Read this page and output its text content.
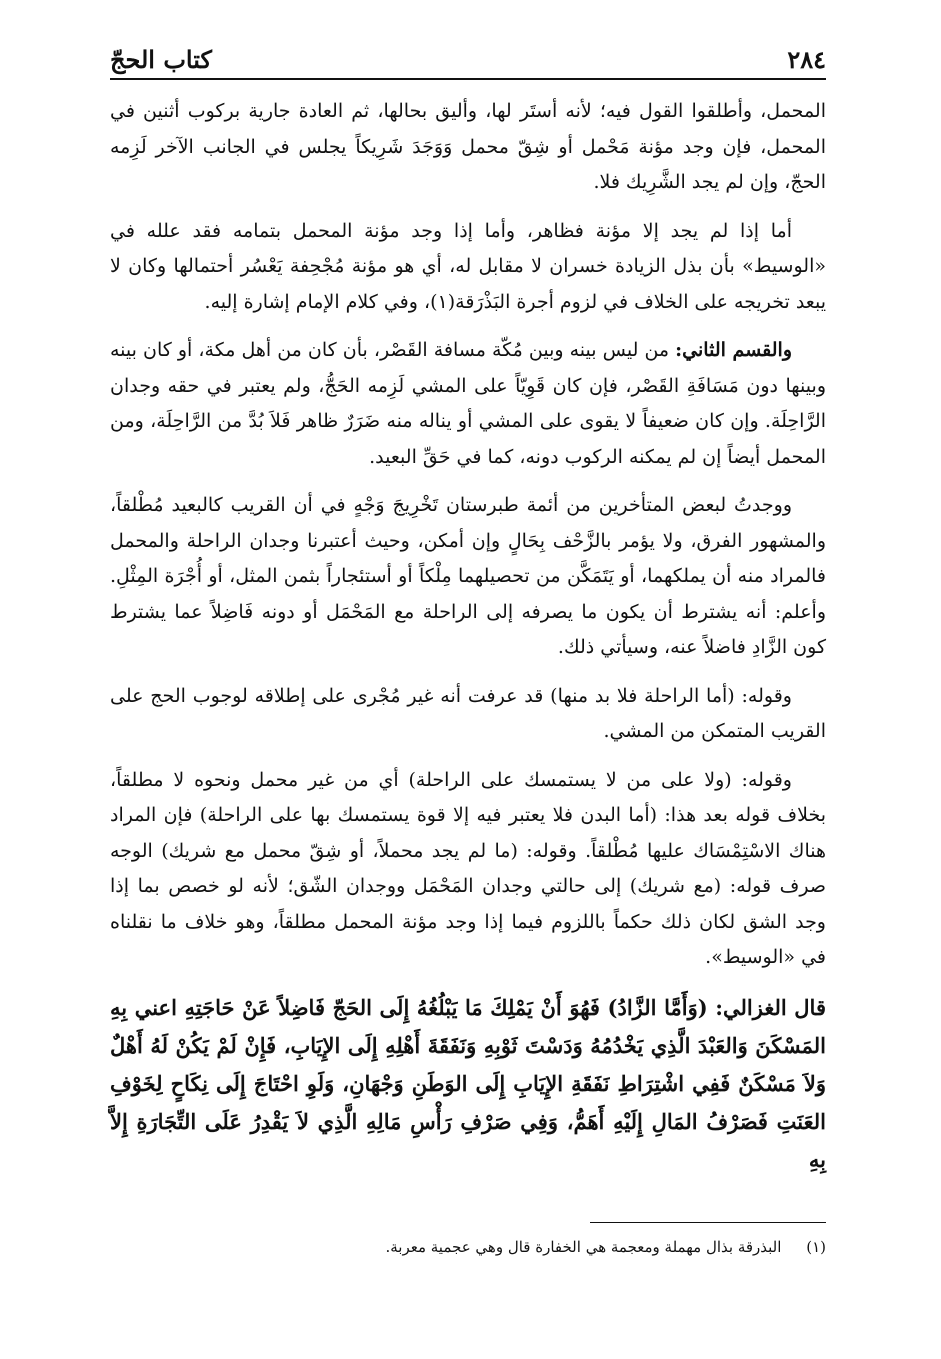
٢٨٤
كتاب الحجّ

المحمل، وأطلقوا القول فيه؛ لأنه أستَر لها، وأليق بحالها، ثم العادة جارية بركوب أثنين في المحمل، فإن وجد مؤنة مَحْمل أو شِقّ محمل وَوَجَدَ شَرِيكاً يجلس في الجانب الآخر لَزِمه الحجّ، وإن لم يجد الشَّرِيك فلا.

أما إذا لم يجد إلا مؤنة فظاهر، وأما إذا وجد مؤنة المحمل بتمامه فقد علله في «الوسيط» بأن بذل الزيادة خسران لا مقابل له، أي هو مؤنة مُجْحِفة يَعْسُر أحتمالها وكان لا يبعد تخريجه على الخلاف في لزوم أجرة البَذْرَقة(١)، وفي كلام الإمام إشارة إليه.

والقسم الثاني: من ليس بينه وبين مُكّة مسافة القَصْر، بأن كان من أهل مكة، أو كان بينه وبينها دون مَسَافَةِ القَصْر، فإن كان قَوِيّاً على المشي لَزِمه الحَجُّ، ولم يعتبر في حقه وجدان الرَّاحِلَة. وإن كان ضعيفاً لا يقوى على المشي أو يناله منه ضَرَرٌ ظاهر فَلاَ بُدَّ من الرَّاحِلَة، ومن المحمل أيضاً إن لم يمكنه الركوب دونه، كما في حَقِّ البعيد.

ووجدتُ لبعض المتأخرين من أئمة طبرستان تَخْرِيجَ وَجْهٍ في أن القريب كالبعيد مُطْلقاً، والمشهور الفرق، ولا يؤمر بالزَّحْف بِحَالٍ وإن أمكن، وحيث أعتبرنا وجدان الراحلة والمحمل فالمراد منه أن يملكهما، أو يَتَمَكَّن من تحصيلهما مِلْكاً أو أستئجاراً بثمن المثل، أو أُجْرَة المِثْلِ. وأعلم: أنه يشترط أن يكون ما يصرفه إلى الراحلة مع المَحْمَل أو دونه فَاضِلاً عما يشترط كون الزَّادِ فاضلاً عنه، وسيأتي ذلك.

وقوله: (أما الراحلة فلا بد منها) قد عرفت أنه غير مُجْرى على إطلاقه لوجوب الحج على القريب المتمكن من المشي.

وقوله: (ولا على من لا يستمسك على الراحلة) أي من غير محمل ونحوه لا مطلقاً، بخلاف قوله بعد هذا: (أما البدن فلا يعتبر فيه إلا قوة يستمسك بها على الراحلة) فإن المراد هناك الاسْتِمْسَاك عليها مُطْلقاً. وقوله: (ما لم يجد محملاً، أو شِقّ محمل مع شريك) الوجه صرف قوله: (مع شريك) إلى حالتي وجدان المَحْمَل ووجدان الشّق؛ لأنه لو خصص بما إذا وجد الشق لكان ذلك حكماً باللزوم فيما إذا وجد مؤنة المحمل مطلقاً، وهو خلاف ما نقلناه في «الوسيط».

قال الغزالي: (وَأَمَّا الزَّادُ) فَهُوَ أَنْ يَمْلِكَ مَا يَبْلُغُهُ إِلَى الحَجّ فَاضِلاً عَنْ حَاجَتِهِ اعني بِهِ المَسْكَنَ وَالعَبْدَ الَّذِي يَخْدُمُهُ وَدَسْتَ ثَوْبِهِ وَنَفَقَةَ أَهْلِهِ إِلَى الإِيَابِ، فَإِنْ لَمْ يَكُنْ لَهُ أَهْلٌ وَلاَ مَسْكَنٌ فَفِي اشْتِرَاطِ نَفَقَةِ الإِيَابِ إِلَى الوَطَنِ وَجْهَانِ، وَلَوِ احْتَاجَ إِلَى نِكَاحٍ لِخَوْفِ العَنَتِ فَصَرْفُ المَالِ إِلَيْهِ أَهَمُّ، وَفِي صَرْفِ رَأْسِ مَالِهِ الَّذِي لاَ يَقْدِرُ عَلَى التِّجَارَةِ إِلاَّ بِهِ

(١) البذرقة بذال مهملة ومعجمة هي الخفارة قال وهي عجمية معربة.
